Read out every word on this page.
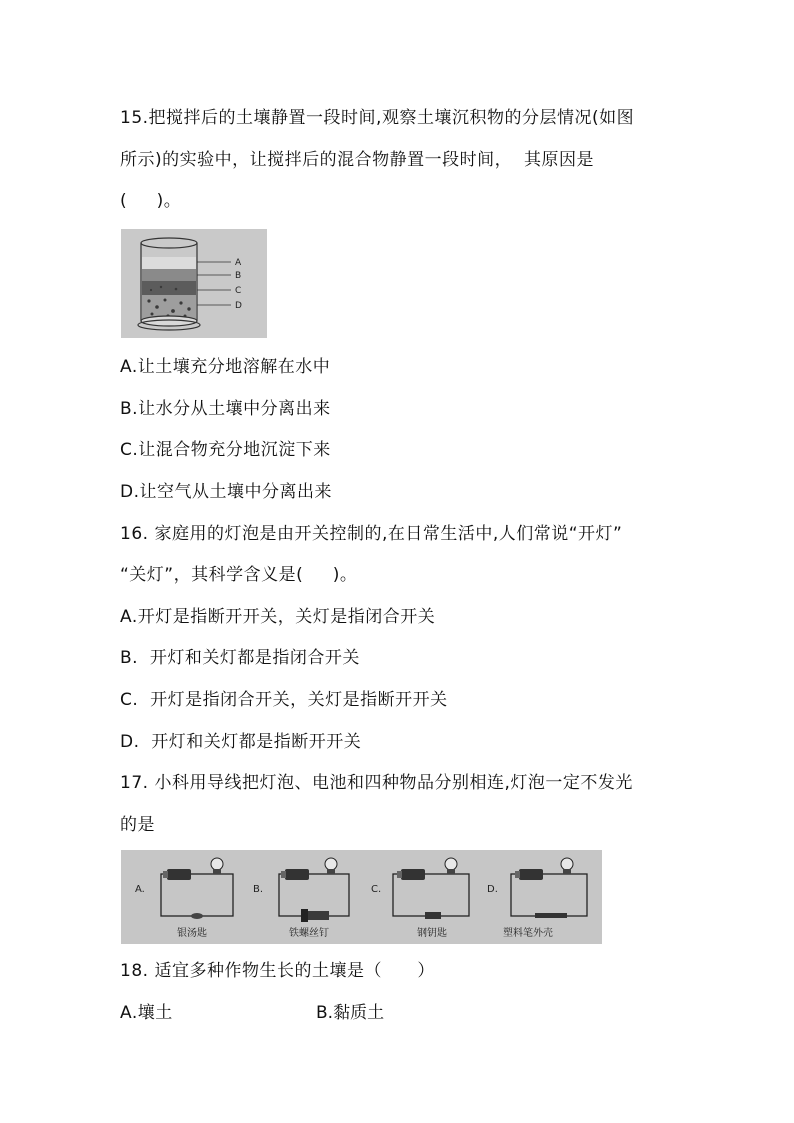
15.把搅拌后的土壤静置一段时间,观察土壤沉积物的分层情况(如图
所示)的实验中，让搅拌后的混合物静置一段时间，  其原因是
(     )。
A
B
C
D
A.让土壤充分地溶解在水中
B.让水分从土壤中分离出来
C.让混合物充分地沉淀下来
D.让空气从土壤中分离出来
16. 家庭用的灯泡是由开关控制的,在日常生活中,人们常说“开灯”
“关灯”，其科学含义是(     )。
A.开灯是指断开开关，关灯是指闭合开关
B.  开灯和关灯都是指闭合开关
C.  开灯是指闭合开关，关灯是指断开开关
D.  开灯和关灯都是指断开开关
17. 小科用导线把灯泡、电池和四种物品分别相连,灯泡一定不发光
的是
A.
银汤匙
B.
铁螺丝钉
C.
钢钥匙
D.
塑料笔外壳
18. 适宜多种作物生长的土壤是（      ）
A.壤土	B.黏质土
